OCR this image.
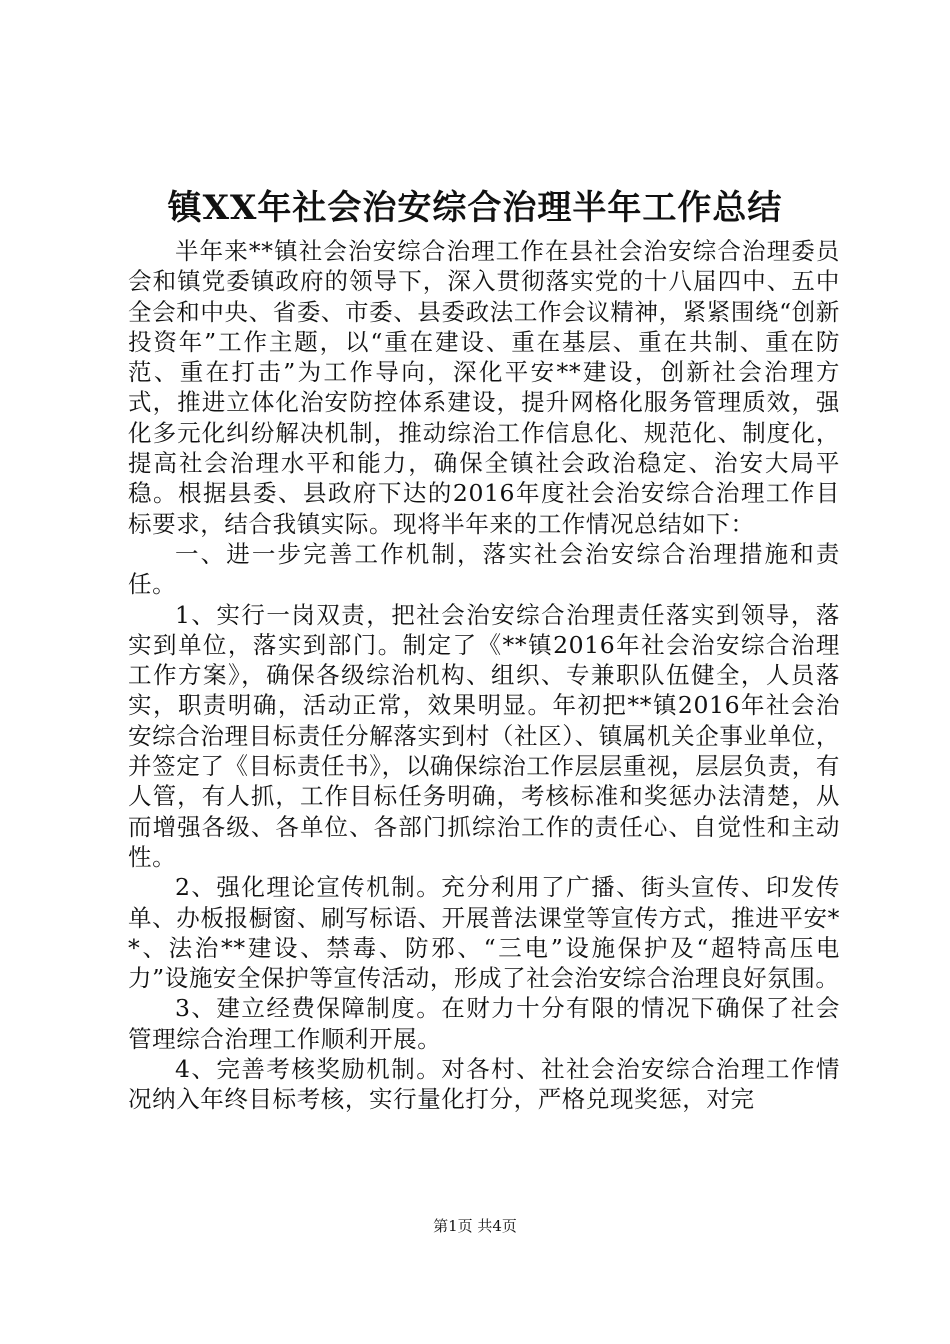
镇XX年社会治安综合治理半年工作总结

半年来**镇社会治安综合治理工作在县社会治安综合治理委员会和镇党委镇政府的领导下，深入贯彻落实党的十八届四中、五中全会和中央、省委、市委、县委政法工作会议精神，紧紧围绕“创新投资年”工作主题，以“重在建设、重在基层、重在共制、重在防范、重在打击”为工作导向，深化平安**建设，创新社会治理方式，推进立体化治安防控体系建设，提升网格化服务管理质效，强化多元化纠纷解决机制，推动综治工作信息化、规范化、制度化，提高社会治理水平和能力，确保全镇社会政治稳定、治安大局平稳。根据县委、县政府下达的2016年度社会治安综合治理工作目标要求，结合我镇实际。现将半年来的工作情况总结如下：

一、进一步完善工作机制，落实社会治安综合治理措施和责任。

1、实行一岗双责，把社会治安综合治理责任落实到领导，落实到单位，落实到部门。制定了《**镇2016年社会治安综合治理工作方案》，确保各级综治机构、组织、专兼职队伍健全，人员落实，职责明确，活动正常，效果明显。年初把**镇2016年社会治安综合治理目标责任分解落实到村（社区）、镇属机关企事业单位，并签定了《目标责任书》，以确保综治工作层层重视，层层负责，有人管，有人抓，工作目标任务明确，考核标准和奖惩办法清楚，从而增强各级、各单位、各部门抓综治工作的责任心、自觉性和主动性。

2、强化理论宣传机制。充分利用了广播、街头宣传、印发传单、办板报橱窗、刷写标语、开展普法课堂等宣传方式，推进平安**、法治**建设、禁毒、防邪、“三电”设施保护及“超特高压电力”设施安全保护等宣传活动，形成了社会治安综合治理良好氛围。

3、建立经费保障制度。在财力十分有限的情况下确保了社会管理综合治理工作顺利开展。

4、完善考核奖励机制。对各村、社社会治安综合治理工作情况纳入年终目标考核，实行量化打分，严格兑现奖惩，对完

第1页 共4页
